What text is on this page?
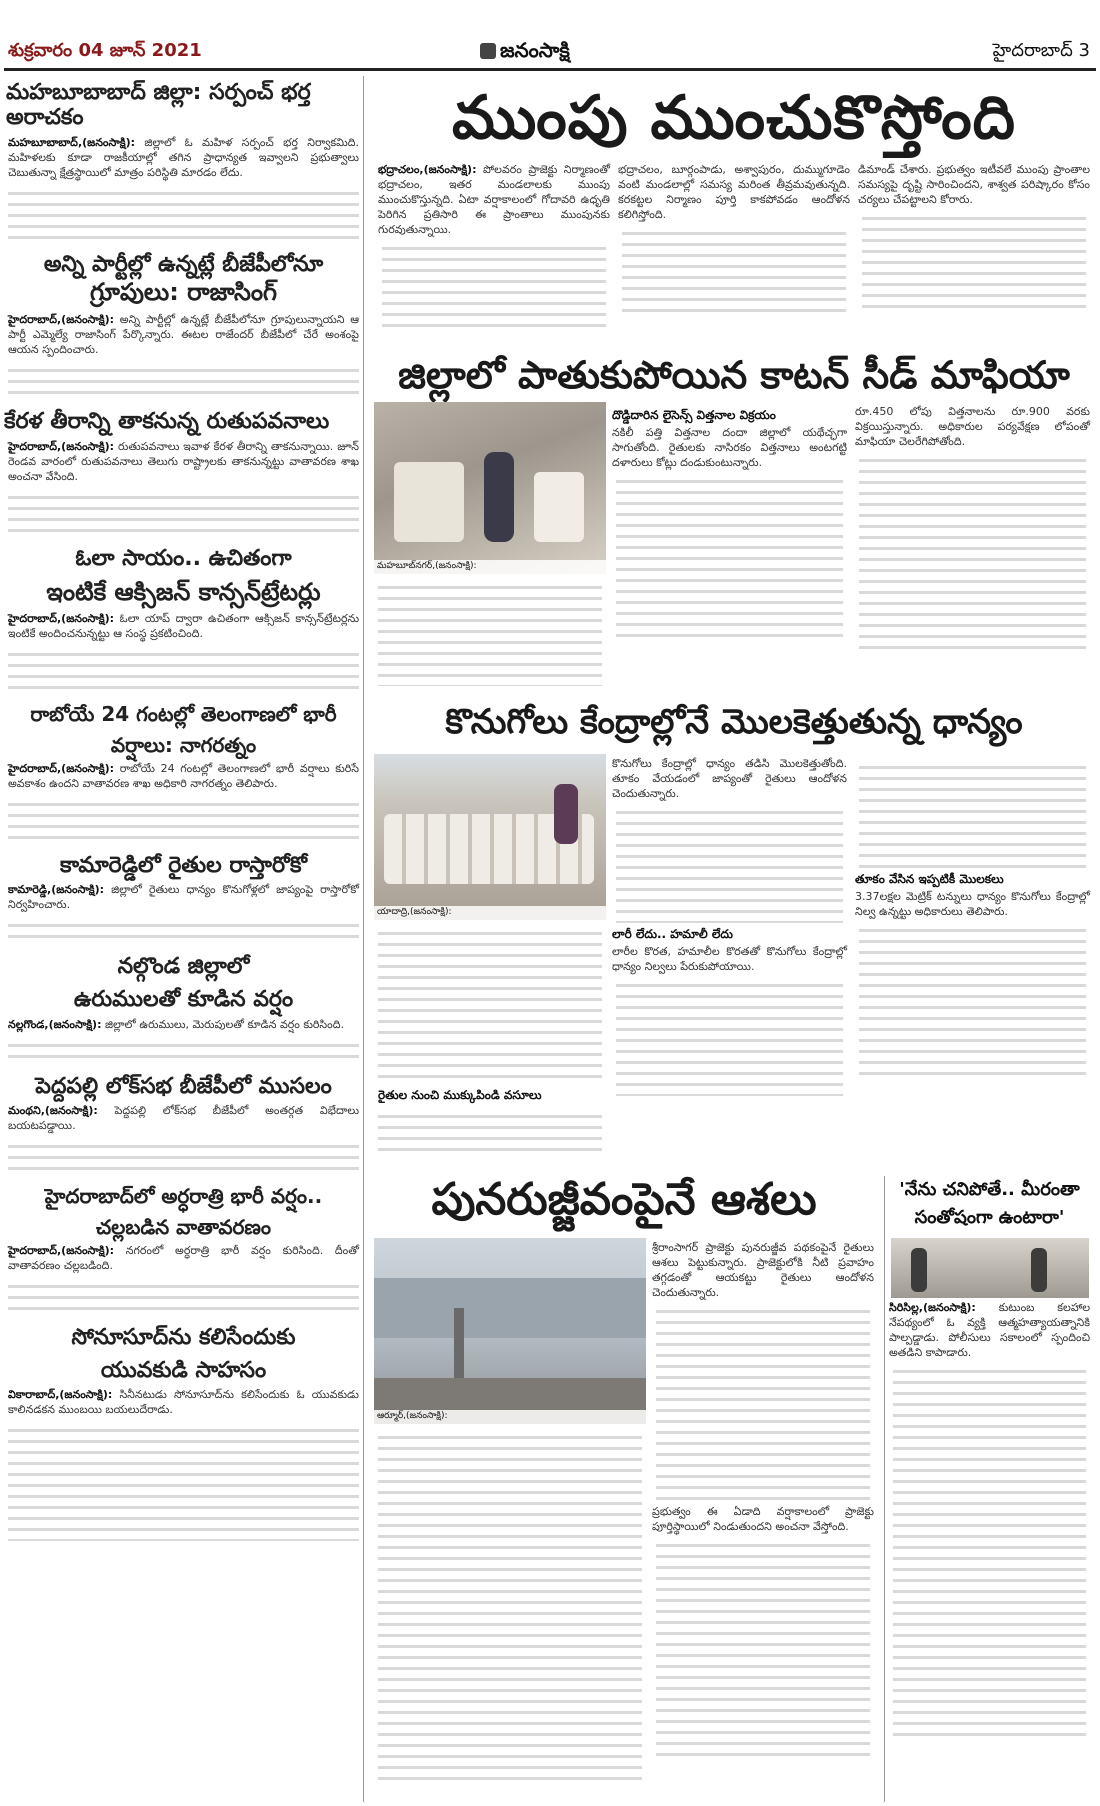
శుక్రవారం 04 జూన్ 2021	జనంసాక్షి	హైదరాబాద్ 3
మహబూబాబాద్ జిల్లా: సర్పంచ్ భర్త అరాచకం
మహబూబాబాద్,(జనంసాక్షి): జిల్లాలో ఓ మహిళ సర్పంచ్ భర్త నిర్వాకమిది. మహిళలకు కూడా రాజకీయాల్లో తగిన ప్రాధాన్యత ఇవ్వాలని ప్రభుత్వాలు చెబుతున్నా క్షేత్రస్థాయిలో మాత్రం పరిస్థితి మారడం లేదు.
అన్ని పార్టీల్లో ఉన్నట్లే బీజేపీలోనూ
గ్రూపులు: రాజాసింగ్
హైదరాబాద్,(జనంసాక్షి): అన్ని పార్టీల్లో ఉన్నట్లే బీజేపీలోనూ గ్రూపులున్నాయని ఆ పార్టీ ఎమ్మెల్యే రాజాసింగ్ పేర్కొన్నారు. ఈటల రాజేందర్ బీజేపీలో చేరే అంశంపై ఆయన స్పందించారు.
కేరళ తీరాన్ని తాకనున్న రుతుపవనాలు
హైదరాబాద్,(జనంసాక్షి): రుతుపవనాలు ఇవాళ కేరళ తీరాన్ని తాకనున్నాయి. జూన్ రెండవ వారంలో రుతుపవనాలు తెలుగు రాష్ట్రాలకు తాకనున్నట్టు వాతావరణ శాఖ అంచనా వేసింది.
ఓలా సాయం.. ఉచితంగా
ఇంటికే ఆక్సిజన్ కాన్సన్‌ట్రేటర్లు
హైదరాబాద్,(జనంసాక్షి): ఓలా యాప్ ద్వారా ఉచితంగా ఆక్సిజన్ కాన్సన్‌ట్రేటర్లను ఇంటికే అందించనున్నట్టు ఆ సంస్థ ప్రకటించింది.
రాబోయే 24 గంటల్లో తెలంగాణలో భారీ
వర్షాలు: నాగరత్నం
హైదరాబాద్,(జనంసాక్షి): రాబోయే 24 గంటల్లో తెలంగాణలో భారీ వర్షాలు కురిసే అవకాశం ఉందని వాతావరణ శాఖ అధికారి నాగరత్నం తెలిపారు.
కామారెడ్డిలో రైతుల రాస్తారోకో
కామారెడ్డి,(జనంసాక్షి): జిల్లాలో రైతులు ధాన్యం కొనుగోళ్లలో జాప్యంపై రాస్తారోకో నిర్వహించారు.
నల్గొండ జిల్లాలో
ఉరుములతో కూడిన వర్షం
నల్లగొండ,(జనంసాక్షి): జిల్లాలో ఉరుములు, మెరుపులతో కూడిన వర్షం కురిసింది.
పెద్దపల్లి లోక్‌సభ బీజేపీలో ముసలం
మంథని,(జనంసాక్షి): పెద్దపల్లి లోక్‌సభ బీజేపీలో అంతర్గత విభేదాలు బయటపడ్డాయి.
హైదరాబాద్‌లో అర్ధరాత్రి భారీ వర్షం..
చల్లబడిన వాతావరణం
హైదరాబాద్,(జనంసాక్షి): నగరంలో అర్ధరాత్రి భారీ వర్షం కురిసింది. దీంతో వాతావరణం చల్లబడింది.
సోనూసూద్‌ను కలిసేందుకు
యువకుడి సాహసం
వికారాబాద్,(జనంసాక్షి): సినీనటుడు సోనూసూద్‌ను కలిసేందుకు ఓ యువకుడు కాలినడకన ముంబయి బయలుదేరాడు.
ముంపు ముంచుకొస్తోంది
భద్రాచలం,(జనంసాక్షి): పోలవరం ప్రాజెక్టు నిర్మాణంతో భద్రాచలం, ఇతర మండలాలకు ముంపు ముంచుకొస్తున్నది. ఏటా వర్షాకాలంలో గోదావరి ఉధృతి పెరిగిన ప్రతిసారి ఈ ప్రాంతాలు ముంపునకు గురవుతున్నాయి.
భద్రాచలం, బూర్గంపాడు, అశ్వాపురం, దుమ్ముగూడెం వంటి మండలాల్లో సమస్య మరింత తీవ్రమవుతున్నది. కరకట్టల నిర్మాణం పూర్తి కాకపోవడం ఆందోళన కలిగిస్తోంది.
డిమాండ్ చేశారు. ప్రభుత్వం ఇటీవలే ముంపు ప్రాంతాల సమస్యపై దృష్టి సారించిందని, శాశ్వత పరిష్కారం కోసం చర్యలు చేపట్టాలని కోరారు.
జిల్లాలో పాతుకుపోయిన కాటన్ సీడ్ మాఫియా
మహబూబ్‌నగర్,(జనంసాక్షి):
దొడ్డిదారిన లైసెన్స్ విత్తనాల విక్రయం
నకిలీ పత్తి విత్తనాల దందా జిల్లాలో యథేచ్ఛగా సాగుతోంది. రైతులకు నాసిరకం విత్తనాలు అంటగట్టి దళారులు కోట్లు దండుకుంటున్నారు.
రూ.450 లోపు విత్తనాలను రూ.900 వరకు విక్రయిస్తున్నారు. అధికారుల పర్యవేక్షణ లోపంతో మాఫియా చెలరేగిపోతోంది.
కొనుగోలు కేంద్రాల్లోనే మొలకెత్తుతున్న ధాన్యం
యాదాద్రి,(జనంసాక్షి):
కొనుగోలు కేంద్రాల్లో ధాన్యం తడిసి మొలకెత్తుతోంది. తూకం వేయడంలో జాప్యంతో రైతులు ఆందోళన చెందుతున్నారు.
లారీ లేదు.. హమాలీ లేదు
లారీల కొరత, హమాలీల కొరతతో కొనుగోలు కేంద్రాల్లో ధాన్యం నిల్వలు పేరుకుపోయాయి.
తూకం వేసిన ఇప్పటికీ మొలకలు
3.37లక్షల మెట్రిక్ టన్నులు ధాన్యం కొనుగోలు కేంద్రాల్లో నిల్వ ఉన్నట్టు అధికారులు తెలిపారు.
రైతుల నుంచి ముక్కుపిండి వసూలు
పునరుజ్జీవంపైనే ఆశలు
ఆర్మూర్,(జనంసాక్షి):
శ్రీరాంసాగర్ ప్రాజెక్టు పునరుజ్జీవ పథకంపైనే రైతులు ఆశలు పెట్టుకున్నారు. ప్రాజెక్టులోకి నీటి ప్రవాహం తగ్గడంతో ఆయకట్టు రైతులు ఆందోళన చెందుతున్నారు.
ప్రభుత్వం ఈ ఏడాది వర్షాకాలంలో ప్రాజెక్టు పూర్తిస్థాయిలో నిండుతుందని అంచనా వేస్తోంది.
'నేను చనిపోతే.. మీరంతా
సంతోషంగా ఉంటారా'
సిరిసిల్ల,(జనంసాక్షి): కుటుంబ కలహాల నేపథ్యంలో ఓ వ్యక్తి ఆత్మహత్యాయత్నానికి పాల్పడ్డాడు. పోలీసులు సకాలంలో స్పందించి అతడిని కాపాడారు.
